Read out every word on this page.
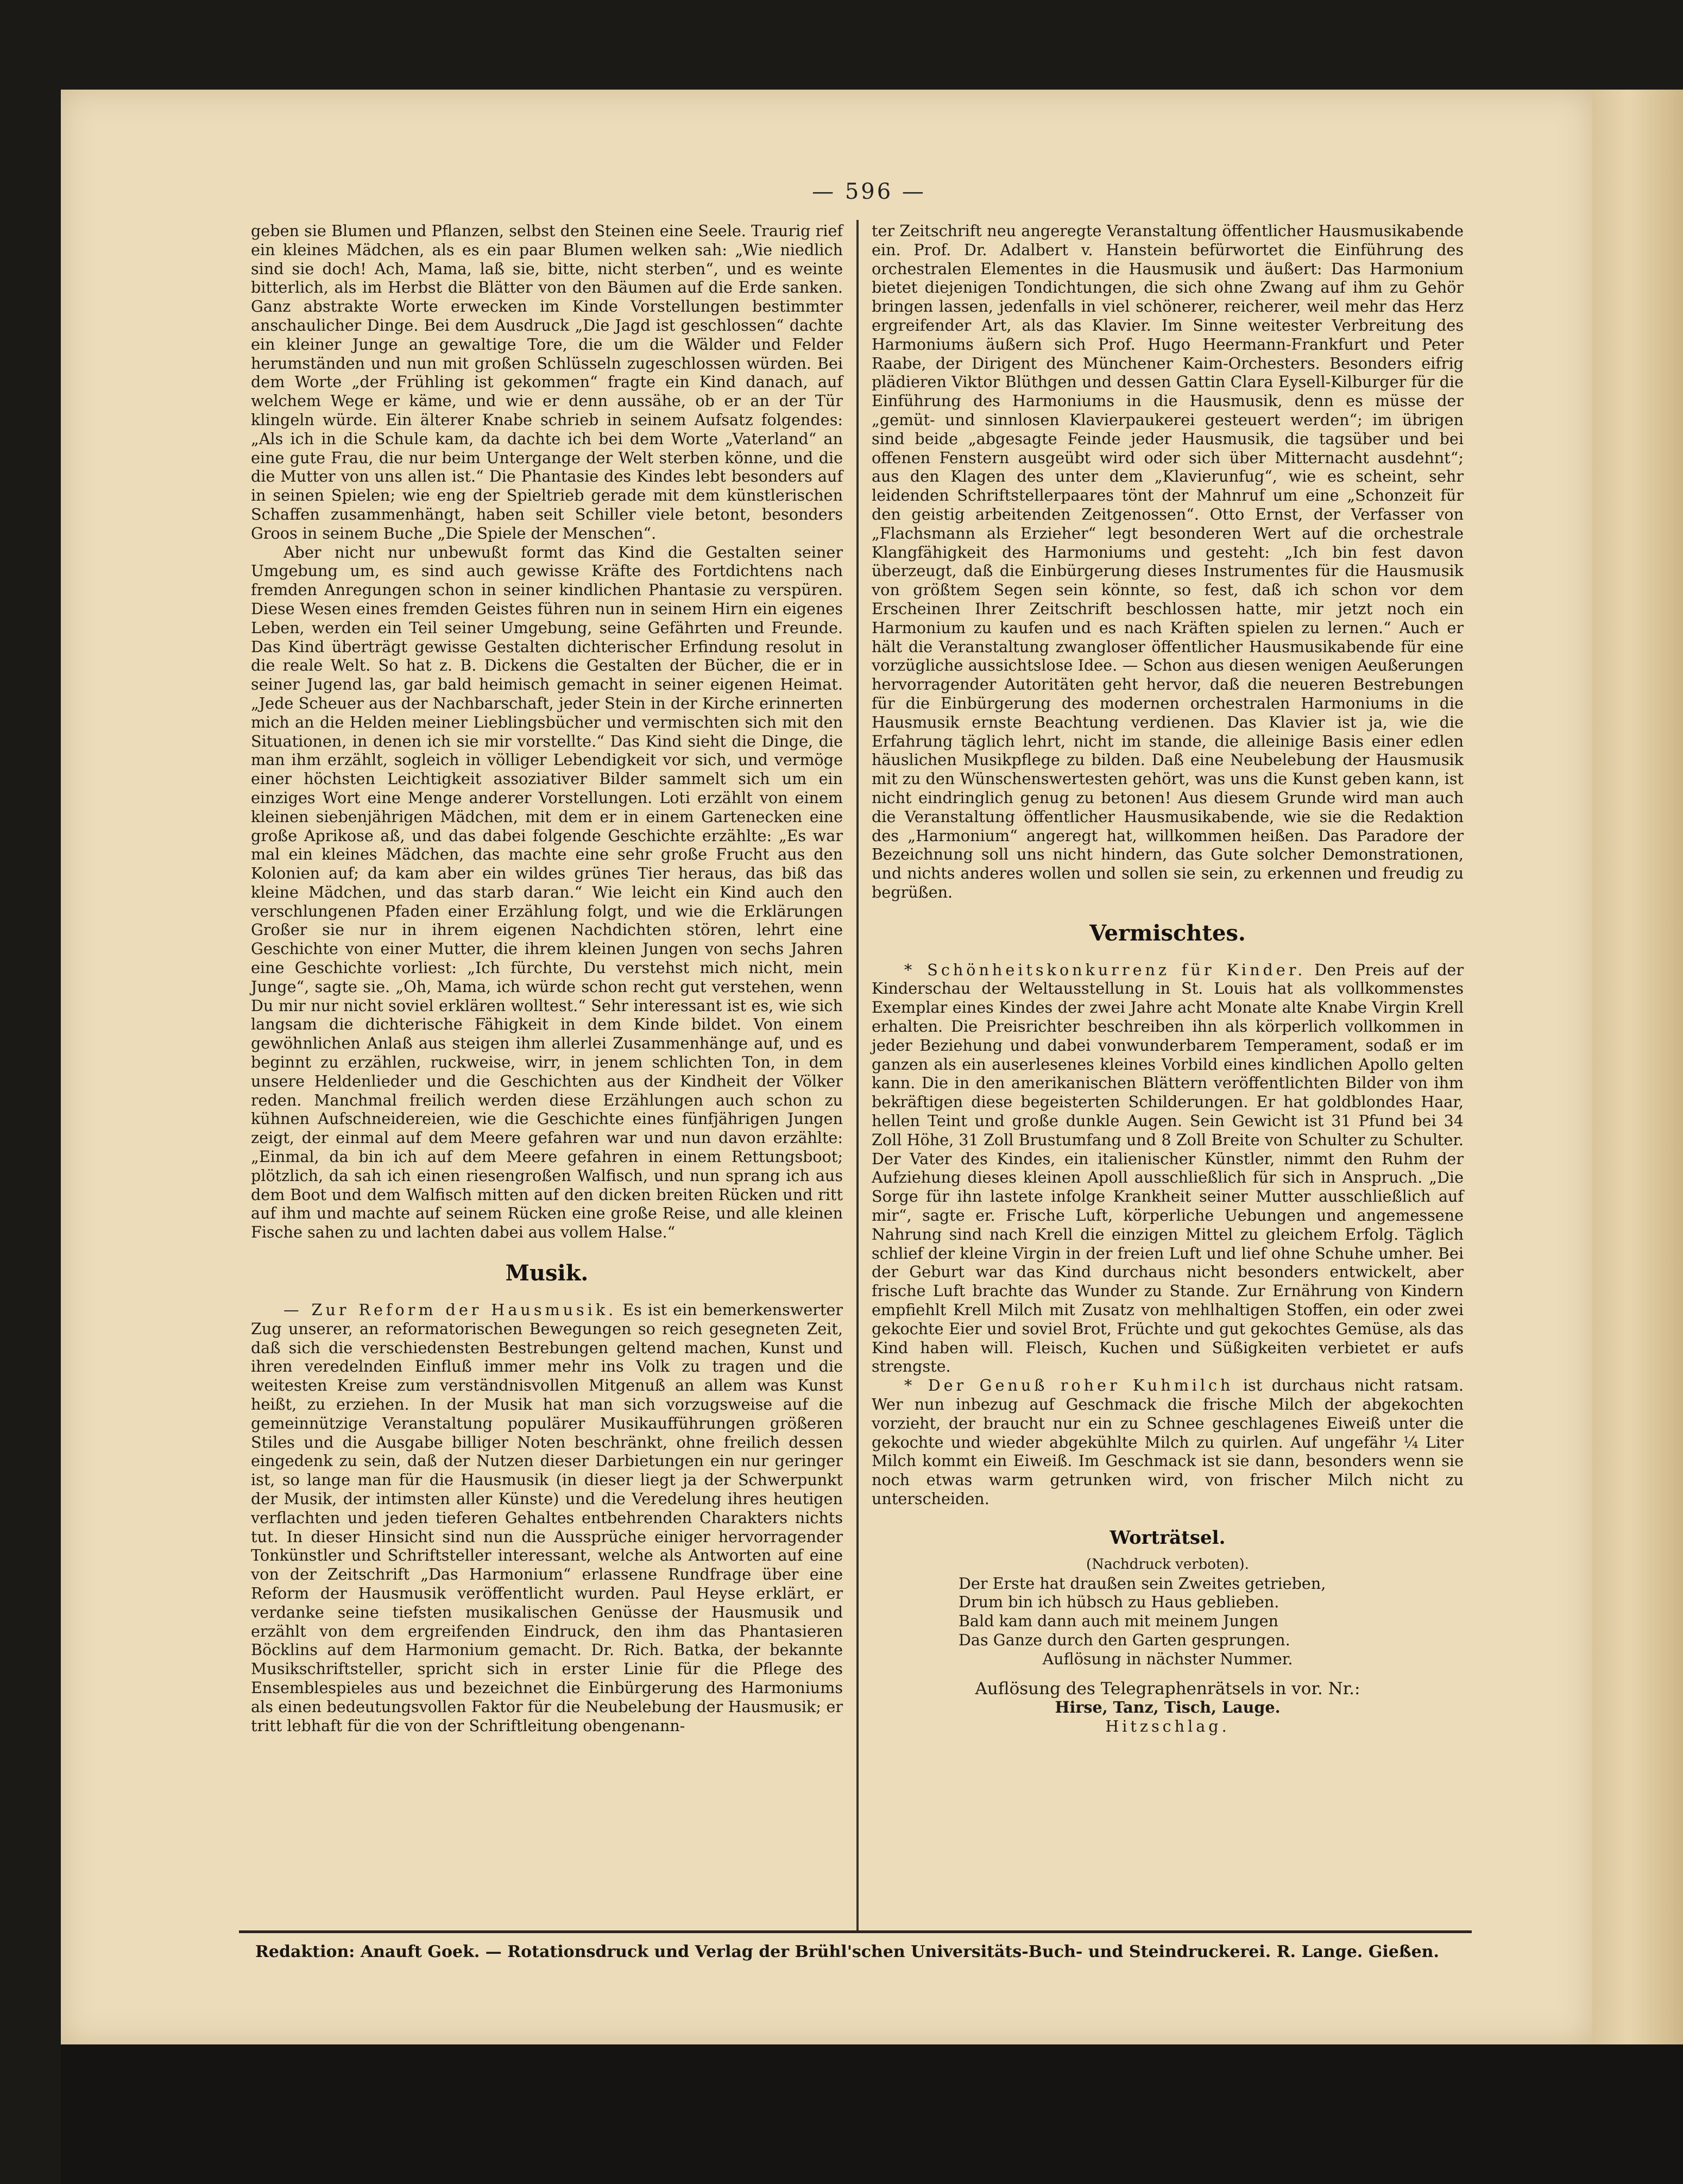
— 596 —

geben sie Blumen und Pflanzen, selbst den Steinen eine Seele. Traurig rief ein kleines Mädchen, als es ein paar Blumen welken sah: „Wie niedlich sind sie doch! Ach, Mama, laß sie, bitte, nicht sterben“, und es weinte bitterlich, als im Herbst die Blätter von den Bäumen auf die Erde sanken. Ganz abstrakte Worte erwecken im Kinde Vorstellungen bestimmter anschaulicher Dinge. Bei dem Ausdruck „Die Jagd ist geschlossen“ dachte ein kleiner Junge an gewaltige Tore, die um die Wälder und Felder herumständen und nun mit großen Schlüsseln zugeschlossen würden. Bei dem Worte „der Frühling ist gekommen“ fragte ein Kind danach, auf welchem Wege er käme, und wie er denn aussähe, ob er an der Tür klingeln würde. Ein älterer Knabe schrieb in seinem Aufsatz folgendes: „Als ich in die Schule kam, da dachte ich bei dem Worte „Vaterland“ an eine gute Frau, die nur beim Untergange der Welt sterben könne, und die die Mutter von uns allen ist.“ Die Phantasie des Kindes lebt besonders auf in seinen Spielen; wie eng der Spieltrieb gerade mit dem künstlerischen Schaffen zusammenhängt, haben seit Schiller viele betont, besonders Groos in seinem Buche „Die Spiele der Menschen“.

Aber nicht nur unbewußt formt das Kind die Gestalten seiner Umgebung um, es sind auch gewisse Kräfte des Fortdichtens nach fremden Anregungen schon in seiner kindlichen Phantasie zu verspüren. Diese Wesen eines fremden Geistes führen nun in seinem Hirn ein eigenes Leben, werden ein Teil seiner Umgebung, seine Gefährten und Freunde. Das Kind überträgt gewisse Gestalten dichterischer Erfindung resolut in die reale Welt. So hat z. B. Dickens die Gestalten der Bücher, die er in seiner Jugend las, gar bald heimisch gemacht in seiner eigenen Heimat. „Jede Scheuer aus der Nachbarschaft, jeder Stein in der Kirche erinnerten mich an die Helden meiner Lieblingsbücher und vermischten sich mit den Situationen, in denen ich sie mir vorstellte.“ Das Kind sieht die Dinge, die man ihm erzählt, sogleich in völliger Lebendigkeit vor sich, und vermöge einer höchsten Leichtigkeit assoziativer Bilder sammelt sich um ein einziges Wort eine Menge anderer Vorstellungen. Loti erzählt von einem kleinen siebenjährigen Mädchen, mit dem er in einem Gartenecken eine große Aprikose aß, und das dabei folgende Geschichte erzählte: „Es war mal ein kleines Mädchen, das machte eine sehr große Frucht aus den Kolonien auf; da kam aber ein wildes grünes Tier heraus, das biß das kleine Mädchen, und das starb daran.“ Wie leicht ein Kind auch den verschlungenen Pfaden einer Erzählung folgt, und wie die Erklärungen Großer sie nur in ihrem eigenen Nachdichten stören, lehrt eine Geschichte von einer Mutter, die ihrem kleinen Jungen von sechs Jahren eine Geschichte vorliest: „Ich fürchte, Du verstehst mich nicht, mein Junge“, sagte sie. „Oh, Mama, ich würde schon recht gut verstehen, wenn Du mir nur nicht soviel erklären wolltest.“ Sehr interessant ist es, wie sich langsam die dichterische Fähigkeit in dem Kinde bildet. Von einem gewöhnlichen Anlaß aus steigen ihm allerlei Zusammenhänge auf, und es beginnt zu erzählen, ruckweise, wirr, in jenem schlichten Ton, in dem unsere Heldenlieder und die Geschichten aus der Kindheit der Völker reden. Manchmal freilich werden diese Erzählungen auch schon zu kühnen Aufschneidereien, wie die Geschichte eines fünfjährigen Jungen zeigt, der einmal auf dem Meere gefahren war und nun davon erzählte: „Einmal, da bin ich auf dem Meere gefahren in einem Rettungsboot; plötzlich, da sah ich einen riesengroßen Walfisch, und nun sprang ich aus dem Boot und dem Walfisch mitten auf den dicken breiten Rücken und ritt auf ihm und machte auf seinem Rücken eine große Reise, und alle kleinen Fische sahen zu und lachten dabei aus vollem Halse.“

Musik.

— Zur Reform der Hausmusik. Es ist ein bemerkenswerter Zug unserer, an reformatorischen Bewegungen so reich gesegneten Zeit, daß sich die verschiedensten Bestrebungen geltend machen, Kunst und ihren veredelnden Einfluß immer mehr ins Volk zu tragen und die weitesten Kreise zum verständnisvollen Mitgenuß an allem was Kunst heißt, zu erziehen. In der Musik hat man sich vorzugsweise auf die gemeinnützige Veranstaltung populärer Musikaufführungen größeren Stiles und die Ausgabe billiger Noten beschränkt, ohne freilich dessen eingedenk zu sein, daß der Nutzen dieser Darbietungen ein nur geringer ist, so lange man für die Hausmusik (in dieser liegt ja der Schwerpunkt der Musik, der intimsten aller Künste) und die Veredelung ihres heutigen verflachten und jeden tieferen Gehaltes entbehrenden Charakters nichts tut. In dieser Hinsicht sind nun die Aussprüche einiger hervorragender Tonkünstler und Schriftsteller interessant, welche als Antworten auf eine von der Zeitschrift „Das Harmonium“ erlassene Rundfrage über eine Reform der Hausmusik veröffentlicht wurden. Paul Heyse erklärt, er verdanke seine tiefsten musikalischen Genüsse der Hausmusik und erzählt von dem ergreifenden Eindruck, den ihm das Phantasieren Böcklins auf dem Harmonium gemacht. Dr. Rich. Batka, der bekannte Musikschriftsteller, spricht sich in erster Linie für die Pflege des Ensemblespieles aus und bezeichnet die Einbürgerung des Harmoniums als einen bedeutungsvollen Faktor für die Neubelebung der Hausmusik; er tritt lebhaft für die von der Schriftleitung obengenann-

ter Zeitschrift neu angeregte Veranstaltung öffentlicher Hausmusikabende ein. Prof. Dr. Adalbert v. Hanstein befürwortet die Einführung des orchestralen Elementes in die Hausmusik und äußert: Das Harmonium bietet diejenigen Tondichtungen, die sich ohne Zwang auf ihm zu Gehör bringen lassen, jedenfalls in viel schönerer, reicherer, weil mehr das Herz ergreifender Art, als das Klavier. Im Sinne weitester Verbreitung des Harmoniums äußern sich Prof. Hugo Heermann-Frankfurt und Peter Raabe, der Dirigent des Münchener Kaim-Orchesters. Besonders eifrig plädieren Viktor Blüthgen und dessen Gattin Clara Eysell-Kilburger für die Einführung des Harmoniums in die Hausmusik, denn es müsse der „gemüt- und sinnlosen Klavierpaukerei gesteuert werden“; im übrigen sind beide „abgesagte Feinde jeder Hausmusik, die tagsüber und bei offenen Fenstern ausgeübt wird oder sich über Mitternacht ausdehnt“; aus den Klagen des unter dem „Klavierunfug“, wie es scheint, sehr leidenden Schriftstellerpaares tönt der Mahnruf um eine „Schonzeit für den geistig arbeitenden Zeitgenossen“. Otto Ernst, der Verfasser von „Flachsmann als Erzieher“ legt besonderen Wert auf die orchestrale Klangfähigkeit des Harmoniums und gesteht: „Ich bin fest davon überzeugt, daß die Einbürgerung dieses Instrumentes für die Hausmusik von größtem Segen sein könnte, so fest, daß ich schon vor dem Erscheinen Ihrer Zeitschrift beschlossen hatte, mir jetzt noch ein Harmonium zu kaufen und es nach Kräften spielen zu lernen.“ Auch er hält die Veranstaltung zwangloser öffentlicher Hausmusikabende für eine vorzügliche aussichtslose Idee. — Schon aus diesen wenigen Aeußerungen hervorragender Autoritäten geht hervor, daß die neueren Bestrebungen für die Einbürgerung des modernen orchestralen Harmoniums in die Hausmusik ernste Beachtung verdienen. Das Klavier ist ja, wie die Erfahrung täglich lehrt, nicht im stande, die alleinige Basis einer edlen häuslichen Musikpflege zu bilden. Daß eine Neubelebung der Hausmusik mit zu den Wünschenswertesten gehört, was uns die Kunst geben kann, ist nicht eindringlich genug zu betonen! Aus diesem Grunde wird man auch die Veranstaltung öffentlicher Hausmusikabende, wie sie die Redaktion des „Harmonium“ angeregt hat, willkommen heißen. Das Paradore der Bezeichnung soll uns nicht hindern, das Gute solcher Demonstrationen, und nichts anderes wollen und sollen sie sein, zu erkennen und freudig zu begrüßen.

Vermischtes.

* Schönheitskonkurrenz für Kinder. Den Preis auf der Kinderschau der Weltausstellung in St. Louis hat als vollkommenstes Exemplar eines Kindes der zwei Jahre acht Monate alte Knabe Virgin Krell erhalten. Die Preisrichter beschreiben ihn als körperlich vollkommen in jeder Beziehung und dabei vonwunderbarem Temperament, sodaß er im ganzen als ein auserlesenes kleines Vorbild eines kindlichen Apollo gelten kann. Die in den amerikanischen Blättern veröffentlichten Bilder von ihm bekräftigen diese begeisterten Schilderungen. Er hat goldblondes Haar, hellen Teint und große dunkle Augen. Sein Gewicht ist 31 Pfund bei 34 Zoll Höhe, 31 Zoll Brustumfang und 8 Zoll Breite von Schulter zu Schulter. Der Vater des Kindes, ein italienischer Künstler, nimmt den Ruhm der Aufziehung dieses kleinen Apoll ausschließlich für sich in Anspruch. „Die Sorge für ihn lastete infolge Krankheit seiner Mutter ausschließlich auf mir“, sagte er. Frische Luft, körperliche Uebungen und angemessene Nahrung sind nach Krell die einzigen Mittel zu gleichem Erfolg. Täglich schlief der kleine Virgin in der freien Luft und lief ohne Schuhe umher. Bei der Geburt war das Kind durchaus nicht besonders entwickelt, aber frische Luft brachte das Wunder zu Stande. Zur Ernährung von Kindern empfiehlt Krell Milch mit Zusatz von mehlhaltigen Stoffen, ein oder zwei gekochte Eier und soviel Brot, Früchte und gut gekochtes Gemüse, als das Kind haben will. Fleisch, Kuchen und Süßigkeiten verbietet er aufs strengste.

* Der Genuß roher Kuhmilch ist durchaus nicht ratsam. Wer nun inbezug auf Geschmack die frische Milch der abgekochten vorzieht, der braucht nur ein zu Schnee geschlagenes Eiweiß unter die gekochte und wieder abgekühlte Milch zu quirlen. Auf ungefähr ¼ Liter Milch kommt ein Eiweiß. Im Geschmack ist sie dann, besonders wenn sie noch etwas warm getrunken wird, von frischer Milch nicht zu unterscheiden.

Worträtsel.
(Nachdruck verboten).
Der Erste hat draußen sein Zweites getrieben,
Drum bin ich hübsch zu Haus geblieben.
Bald kam dann auch mit meinem Jungen
Das Ganze durch den Garten gesprungen.
Auflösung in nächster Nummer.
Auflösung des Telegraphenrätsels in vor. Nr.:
Hirse, Tanz, Tisch, Lauge.
Hitzschlag.
Redaktion: Anauft Goek. — Rotationsdruck und Verlag der Brühl'schen Universitäts-Buch- und Steindruckerei. R. Lange. Gießen.
